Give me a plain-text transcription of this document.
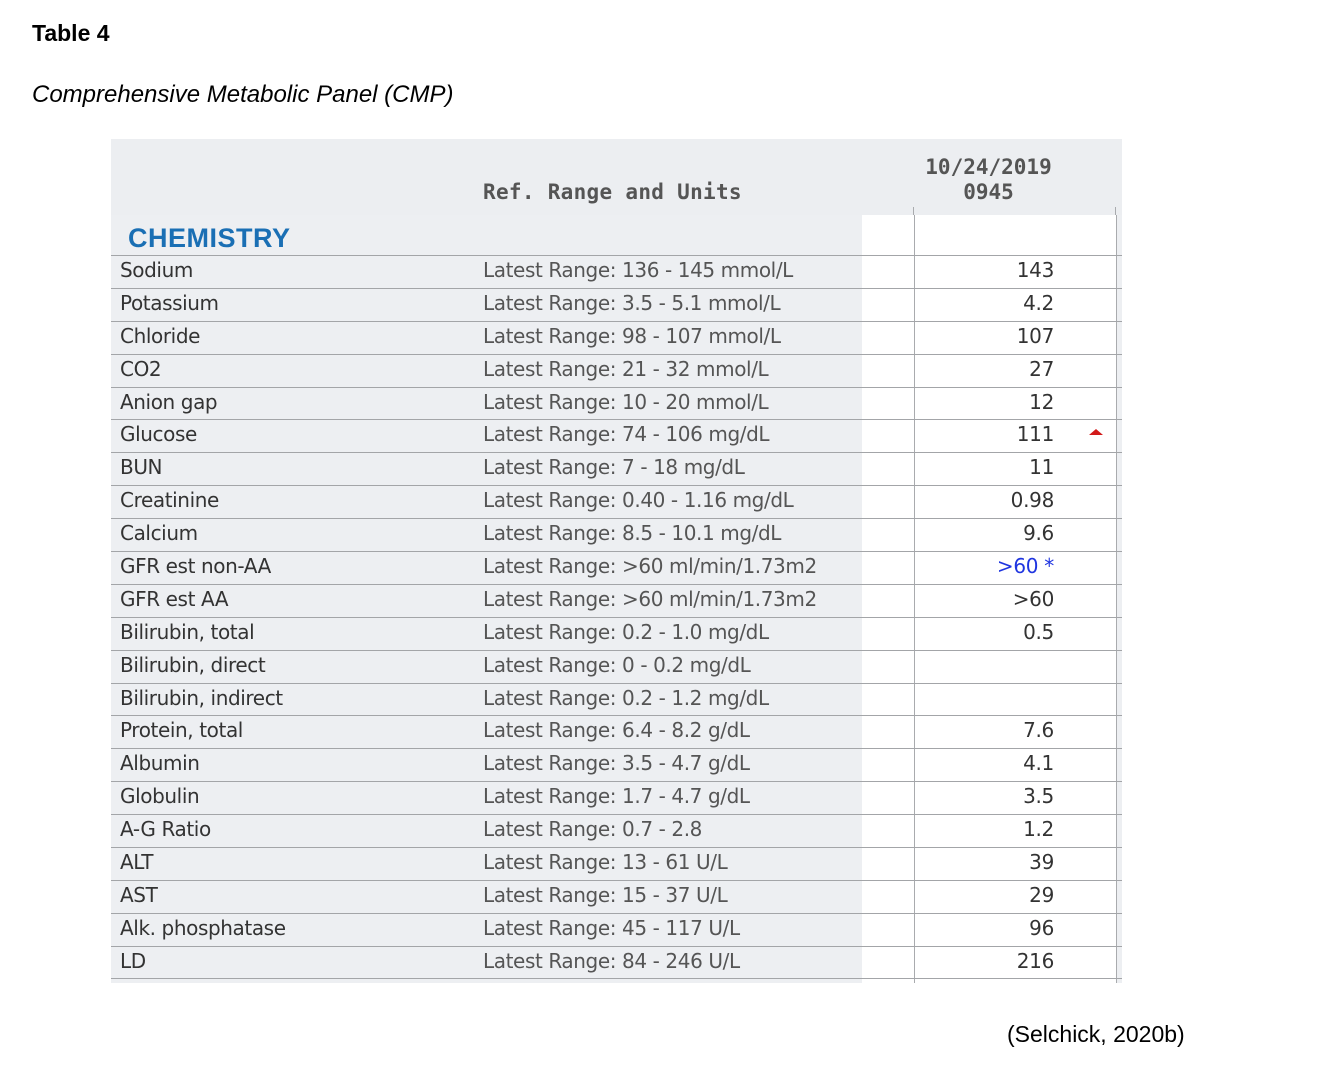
Table 4
Comprehensive Metabolic Panel (CMP)
Ref. Range and Units
10/24/2019
0945
CHEMISTRY
Sodium	Latest Range: 136 - 145 mmol/L	143
Potassium	Latest Range: 3.5 - 5.1 mmol/L	4.2
Chloride	Latest Range: 98 - 107 mmol/L	107
CO2	Latest Range: 21 - 32 mmol/L	27
Anion gap	Latest Range: 10 - 20 mmol/L	12
Glucose	Latest Range: 74 - 106 mg/dL	111
BUN	Latest Range: 7 - 18 mg/dL	11
Creatinine	Latest Range: 0.40 - 1.16 mg/dL	0.98
Calcium	Latest Range: 8.5 - 10.1 mg/dL	9.6
GFR est non-AA	Latest Range: >60 ml/min/1.73m2	>60 *
GFR est AA	Latest Range: >60 ml/min/1.73m2	>60
Bilirubin, total	Latest Range: 0.2 - 1.0 mg/dL	0.5
Bilirubin, direct	Latest Range: 0 - 0.2 mg/dL
Bilirubin, indirect	Latest Range: 0.2 - 1.2 mg/dL
Protein, total	Latest Range: 6.4 - 8.2 g/dL	7.6
Albumin	Latest Range: 3.5 - 4.7 g/dL	4.1
Globulin	Latest Range: 1.7 - 4.7 g/dL	3.5
A-G Ratio	Latest Range: 0.7 - 2.8	1.2
ALT	Latest Range: 13 - 61 U/L	39
AST	Latest Range: 15 - 37 U/L	29
Alk. phosphatase	Latest Range: 45 - 117 U/L	96
LD	Latest Range: 84 - 246 U/L	216
(Selchick, 2020b)
